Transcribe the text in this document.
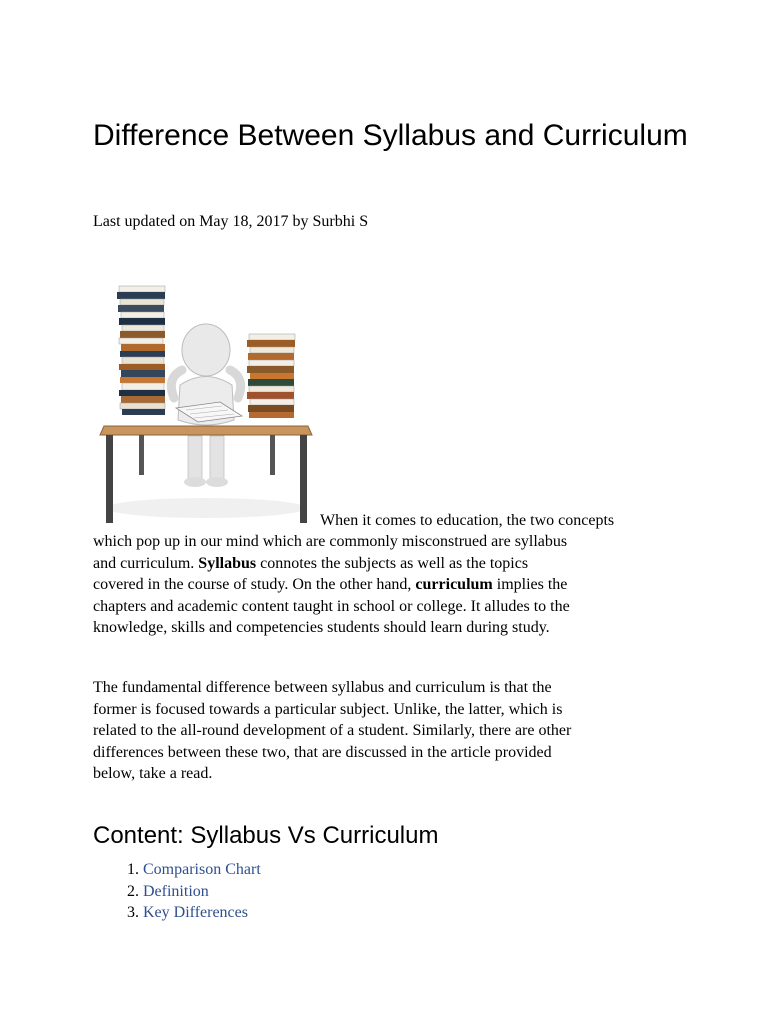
Difference Between Syllabus and Curriculum

Last updated on May 18, 2017 by Surbhi S

When it comes to education, the two concepts

which pop up in our mind which are commonly misconstrued are syllabus
and curriculum. Syllabus connotes the subjects as well as the topics
covered in the course of study. On the other hand, curriculum implies the
chapters and academic content taught in school or college. It alludes to the
knowledge, skills and competencies students should learn during study.

The fundamental difference between syllabus and curriculum is that the
former is focused towards a particular subject. Unlike, the latter, which is
related to the all-round development of a student. Similarly, there are other
differences between these two, that are discussed in the article provided
below, take a read.

Content: Syllabus Vs Curriculum
1. Comparison Chart
2. Definition
3. Key Differences
